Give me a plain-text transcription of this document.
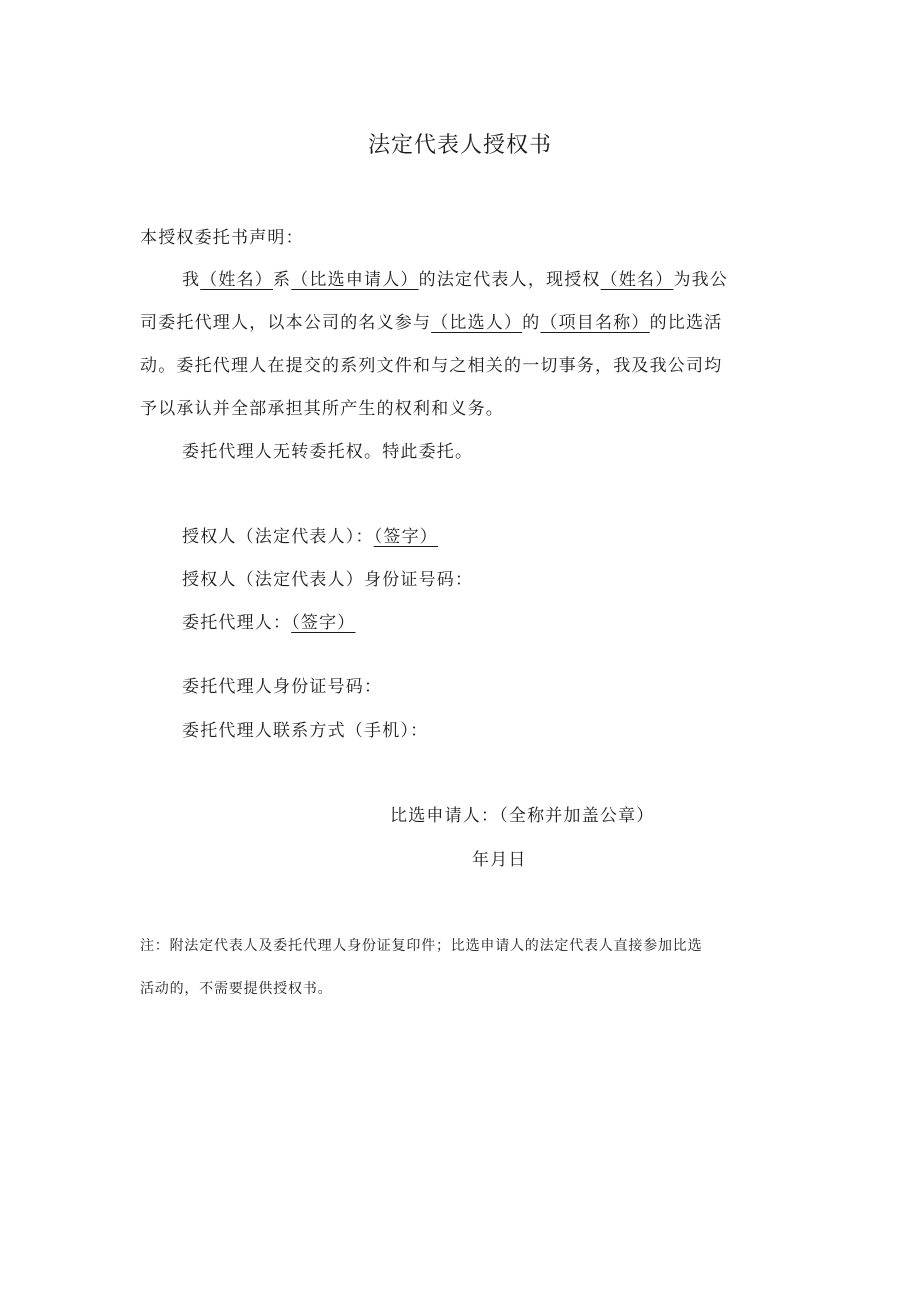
法定代表人授权书
本授权委托书声明：
我（姓名）系（比选申请人）的法定代表人，现授权（姓名）为我公
司委托代理人，以本公司的名义参与（比选人）的（项目名称）的比选活
动。委托代理人在提交的系列文件和与之相关的一切事务，我及我公司均
予以承认并全部承担其所产生的权利和义务。
委托代理人无转委托权。特此委托。
授权人（法定代表人）：（签字）
授权人（法定代表人）身份证号码：
委托代理人：（签字）
委托代理人身份证号码：
委托代理人联系方式（手机）：
比选申请人：（全称并加盖公章）
年月日
注：附法定代表人及委托代理人身份证复印件；比选申请人的法定代表人直接参加比选
活动的，不需要提供授权书。
